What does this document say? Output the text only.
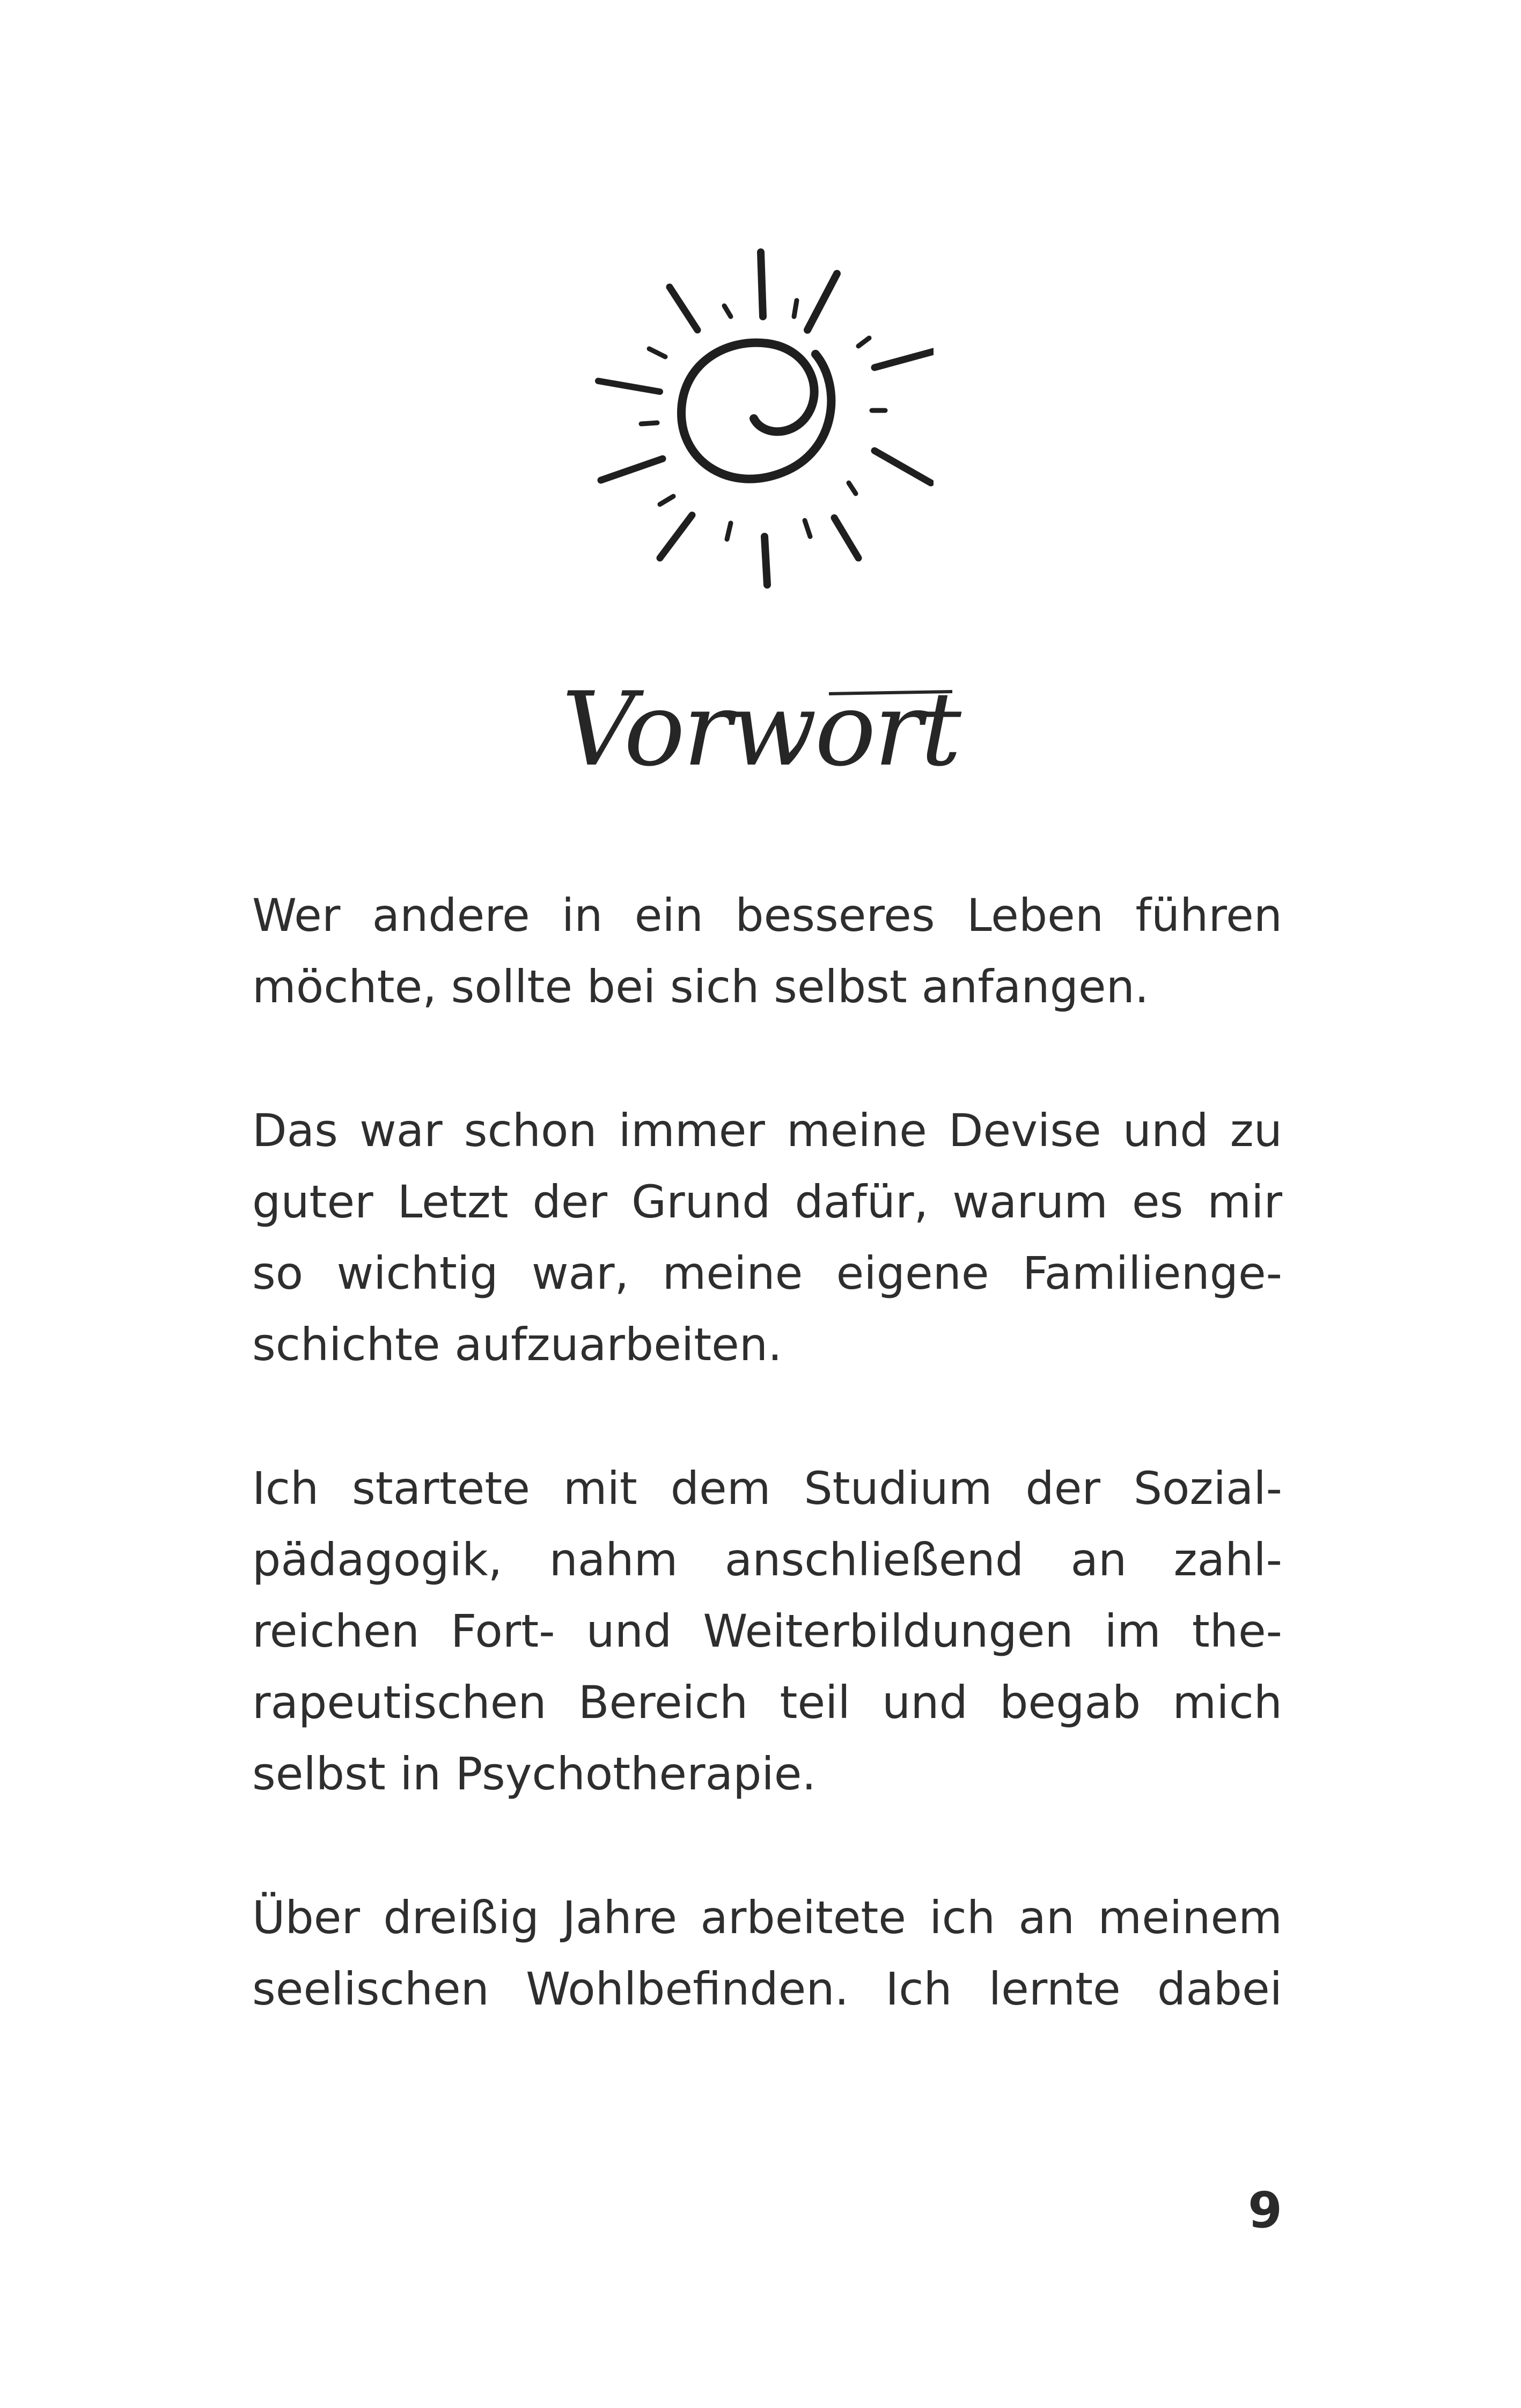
Vorwort

Wer andere in ein besseres Leben führen
möchte, sollte bei sich selbst anfangen.

Das war schon immer meine Devise und zu
guter Letzt der Grund dafür, warum es mir
so wichtig war, meine eigene Familienge-
schichte aufzuarbeiten.

Ich startete mit dem Studium der Sozial-
pädagogik, nahm anschließend an zahl-
reichen Fort- und Weiterbildungen im the-
rapeutischen Bereich teil und begab mich
selbst in Psychotherapie.

Über dreißig Jahre arbeitete ich an meinem
seelischen Wohlbefinden. Ich lernte dabei

9
